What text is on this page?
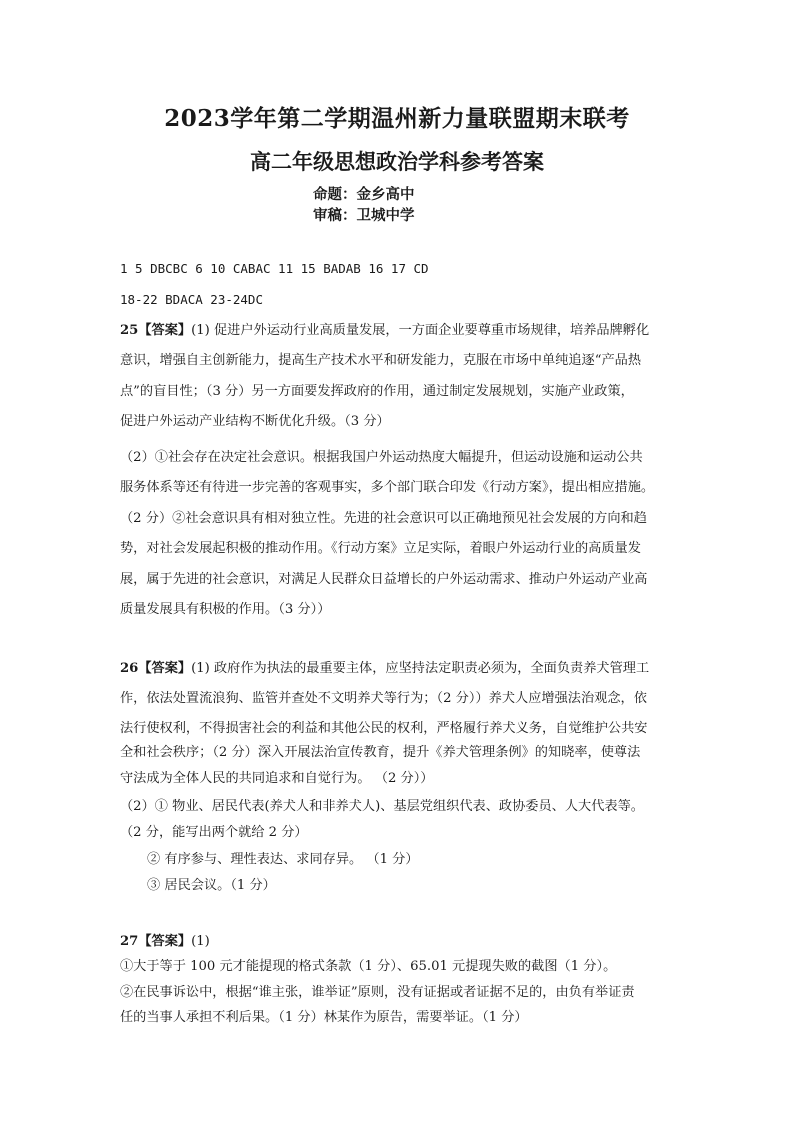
2023学年第二学期温州新力量联盟期末联考
高二年级思想政治学科参考答案
命题：金乡高中
审稿：卫城中学
1 5 DBCBC 6 10 CABAC 11 15 BADAB 16 17 CD
18-22 BDACA 23-24DC
25【答案】(1) 促进户外运动行业高质量发展，一方面企业要尊重市场规律，培养品牌孵化
意识，增强自主创新能力，提高生产技术水平和研发能力，克服在市场中单纯追逐“产品热
点”的盲目性；（3 分）另一方面要发挥政府的作用，通过制定发展规划，实施产业政策，
促进户外运动产业结构不断优化升级。（3 分）
（2）①社会存在决定社会意识。根据我国户外运动热度大幅提升，但运动设施和运动公共
服务体系等还有待进一步完善的客观事实，多个部门联合印发《行动方案》，提出相应措施。
（2 分）②社会意识具有相对独立性。先进的社会意识可以正确地预见社会发展的方向和趋
势，对社会发展起积极的推动作用。《行动方案》立足实际，着眼户外运动行业的高质量发
展，属于先进的社会意识，对满足人民群众日益增长的户外运动需求、推动户外运动产业高
质量发展具有积极的作用。（3 分））
26【答案】(1) 政府作为执法的最重要主体，应坚持法定职责必须为，全面负责养犬管理工
作，依法处置流浪狗、监管并查处不文明养犬等行为；（2 分））养犬人应增强法治观念，依
法行使权利，不得损害社会的利益和其他公民的权利，严格履行养犬义务，自觉维护公共安
全和社会秩序；（2 分）深入开展法治宣传教育，提升《养犬管理条例》的知晓率，使尊法
守法成为全体人民的共同追求和自觉行为。 （2 分））
（2）① 物业、居民代表(养犬人和非养犬人)、基层党组织代表、政协委员、人大代表等。
（2 分，能写出两个就给 2 分）
② 有序参与、理性表达、求同存异。 （1 分）
③ 居民会议。（1 分）
27【答案】(1)
①大于等于 100 元才能提现的格式条款（1 分）、65.01 元提现失败的截图（1 分）。
②在民事诉讼中，根据“谁主张，谁举证”原则，没有证据或者证据不足的，由负有举证责
任的当事人承担不利后果。（1 分）林某作为原告，需要举证。（1 分）
